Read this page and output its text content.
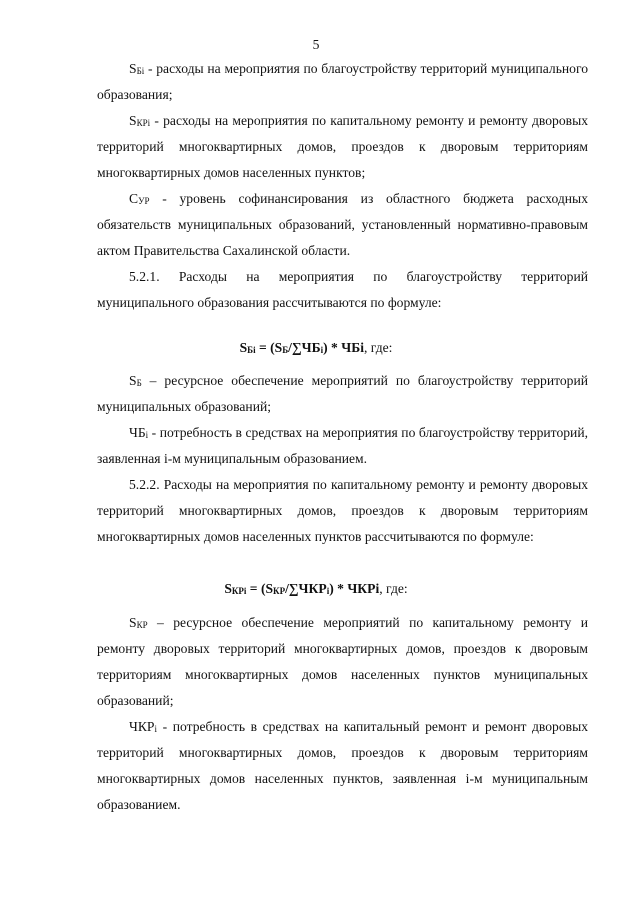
5

$S_{Бi}$ - расходы на мероприятия по благоустройству территорий муниципального образования;

$S_{КРi}$ - расходы на мероприятия по капитальному ремонту и ремонту дворовых территорий многоквартирных домов, проездов к дворовым территориям многоквартирных домов населенных пунктов;

$С_{УР}$ - уровень софинансирования из областного бюджета расходных обязательств муниципальных образований, установленный нормативно-правовым актом Правительства Сахалинской области.

5.2.1. Расходы на мероприятия по благоустройству территорий муниципального образования рассчитываются по формуле:

$S_{Бi} = (S_Б/\sum ЧБ_i)$ * ЧБi, где:

$S_Б$ – ресурсное обеспечение мероприятий по благоустройству территорий муниципальных образований;

$ЧБ_i$ - потребность в средствах на мероприятия по благоустройству территорий, заявленная i-м муниципальным образованием.

5.2.2. Расходы на мероприятия по капитальному ремонту и ремонту дворовых территорий многоквартирных домов, проездов к дворовым территориям многоквартирных домов населенных пунктов рассчитываются по формуле:

$S_{КРi} = (S_{КР}/\sum ЧКР_i)$ * ЧКРi, где:

$S_{КР}$ – ресурсное обеспечение мероприятий по капитальному ремонту и ремонту дворовых территорий многоквартирных домов, проездов к дворовым территориям многоквартирных домов населенных пунктов муниципальных образований;

$ЧКР_i$ - потребность в средствах на капитальный ремонт и ремонт дворовых территорий многоквартирных домов, проездов к дворовым территориям многоквартирных домов населенных пунктов, заявленная i-м муниципальным образованием.
